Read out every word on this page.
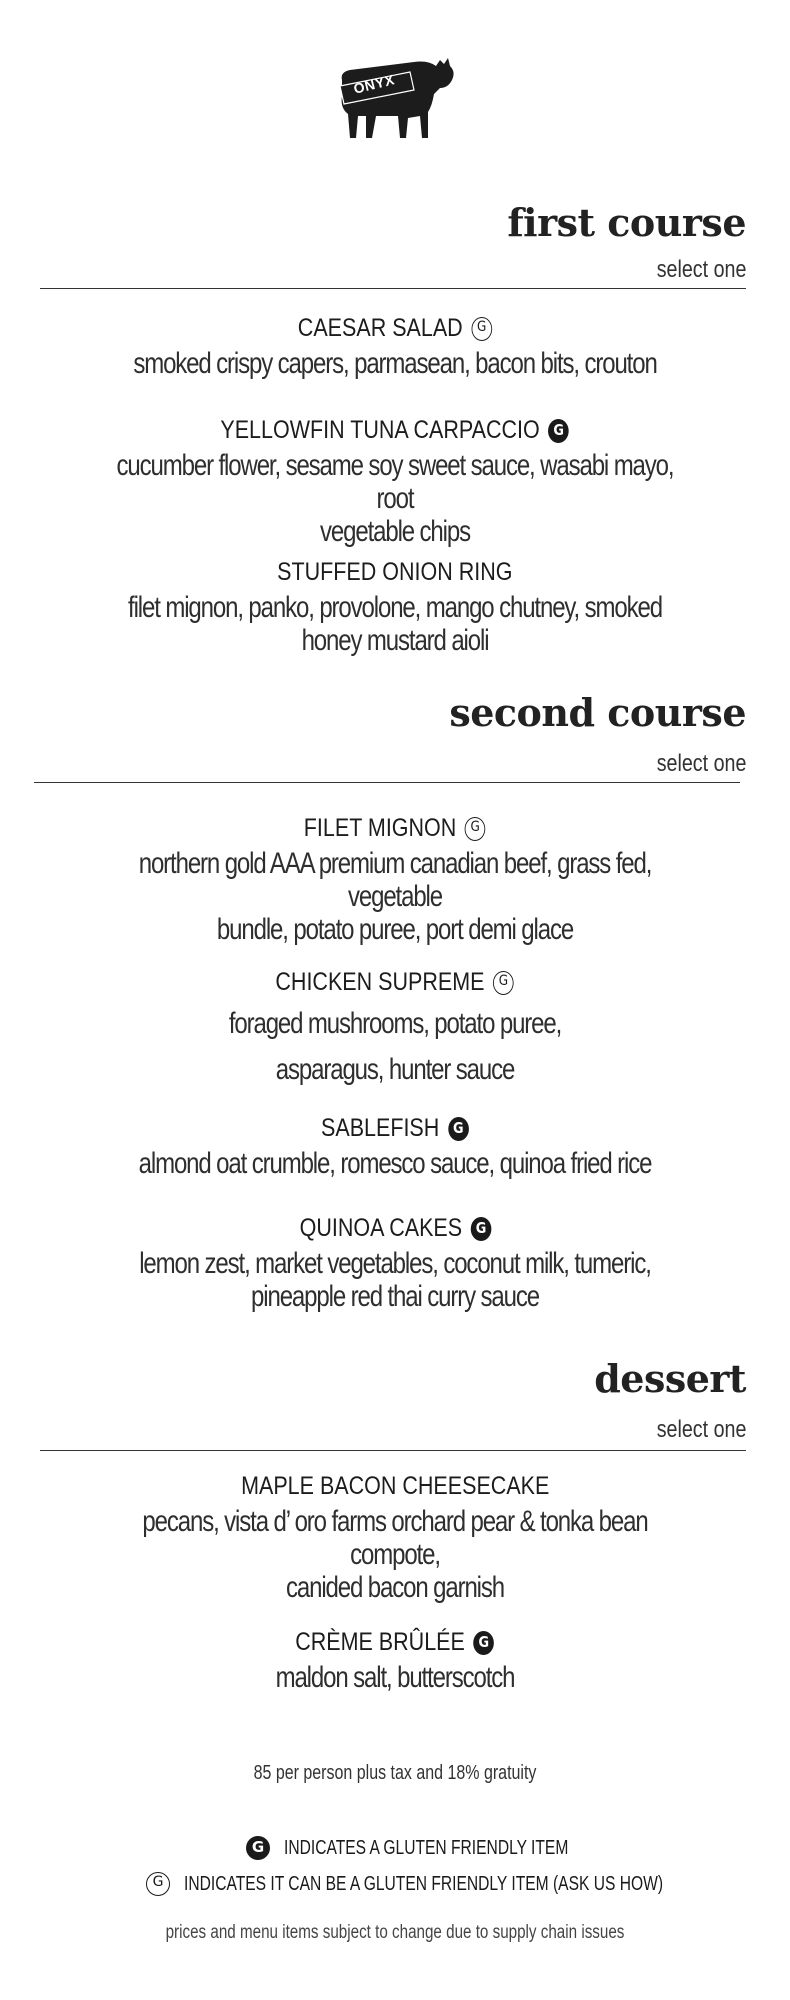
ONYX
first course
select one
CAESAR SALAD
G
smoked crispy capers, parmasean, bacon bits, crouton
YELLOWFIN TUNA CARPACCIO
G
cucumber flower, sesame soy sweet sauce, wasabi mayo, root
vegetable chips
STUFFED ONION RING
filet mignon, panko, provolone, mango chutney, smoked
honey mustard aioli
second course
select one
FILET MIGNON
G
northern gold AAA premium canadian beef, grass fed, vegetable
bundle, potato puree, port demi glace
CHICKEN SUPREME
G
foraged mushrooms, potato puree,
asparagus, hunter sauce
SABLEFISH
G
almond oat crumble, romesco sauce, quinoa fried rice
QUINOA CAKES
G
lemon zest, market vegetables, coconut milk, tumeric,
pineapple red thai curry sauce
dessert
select one
MAPLE BACON CHEESECAKE
pecans, vista d’ oro farms orchard pear & tonka bean compote,
canided bacon garnish
CRÈME BRÛLÉE
G
maldon salt, butterscotch
85 per person plus tax and 18% gratuity
G
INDICATES A GLUTEN FRIENDLY ITEM
G
INDICATES IT CAN BE A GLUTEN FRIENDLY ITEM (ASK US HOW)
prices and menu items subject to change due to supply chain issues
